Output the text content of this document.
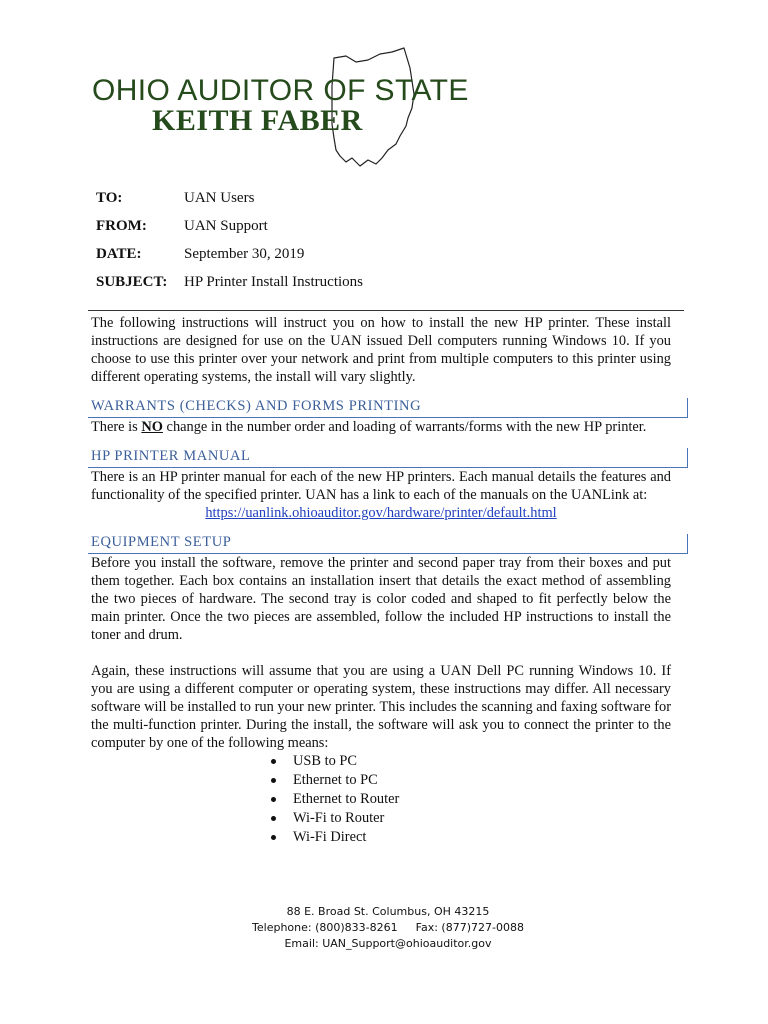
OHIO AUDITOR OF STATE
KEITH FABER
TO:	UAN Users
FROM:	UAN Support
DATE:	September 30, 2019
SUBJECT:	HP Printer Install Instructions

The following instructions will instruct you on how to install the new HP printer. These install instructions are designed for use on the UAN issued Dell computers running Windows 10. If you choose to use this printer over your network and print from multiple computers to this printer using different operating systems, the install will vary slightly.

WARRANTS (CHECKS) AND FORMS PRINTING

There is NO change in the number order and loading of warrants/forms with the new HP printer.

HP PRINTER MANUAL

There is an HP printer manual for each of the new HP printers. Each manual details the features and functionality of the specified printer. UAN has a link to each of the manuals on the UANLink at:

https://uanlink.ohioauditor.gov/hardware/printer/default.html

EQUIPMENT SETUP

Before you install the software, remove the printer and second paper tray from their boxes and put them together. Each box contains an installation insert that details the exact method of assembling the two pieces of hardware. The second tray is color coded and shaped to fit perfectly below the main printer. Once the two pieces are assembled, follow the included HP instructions to install the toner and drum.

Again, these instructions will assume that you are using a UAN Dell PC running Windows 10. If you are using a different computer or operating system, these instructions may differ. All necessary software will be installed to run your new printer. This includes the scanning and faxing software for the multi-function printer. During the install, the software will ask you to connect the printer to the computer by one of the following means:

USB to PC
Ethernet to PC
Ethernet to Router
Wi-Fi to Router
Wi-Fi Direct
88 E. Broad St. Columbus, OH 43215
Telephone: (800)833-8261 Fax: (877)727-0088
Email: UAN_Support@ohioauditor.gov
